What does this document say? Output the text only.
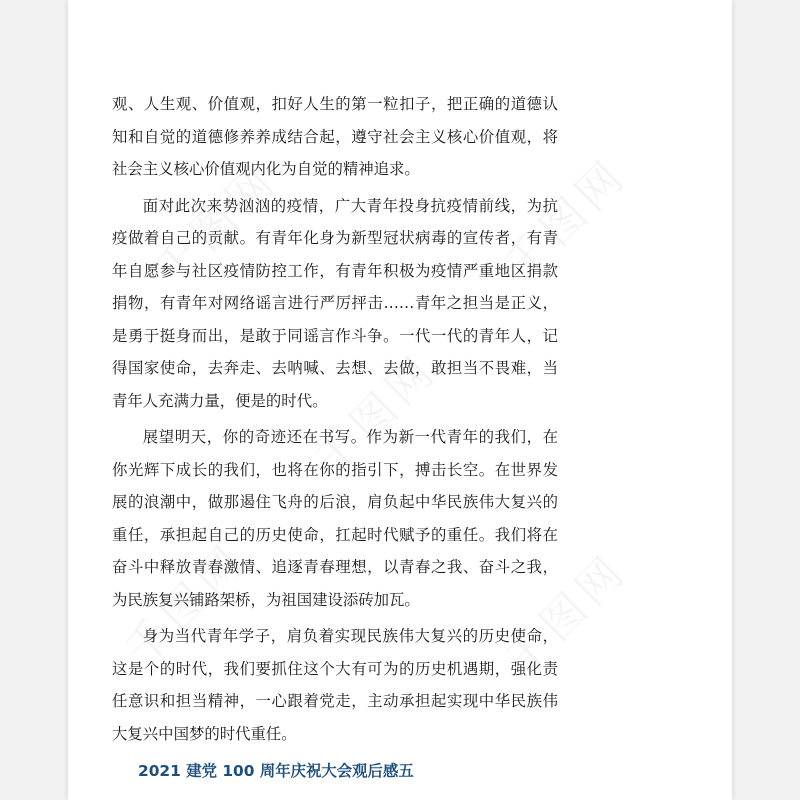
观、人生观、价值观，扣好人生的第一粒扣子，把正确的道德认知和自觉的道德修养养成结合起，遵守社会主义核心价值观，将社会主义核心价值观内化为自觉的精神追求。

面对此次来势汹汹的疫情，广大青年投身抗疫情前线，为抗疫做着自己的贡献。有青年化身为新型冠状病毒的宣传者，有青年自愿参与社区疫情防控工作，有青年积极为疫情严重地区捐款捐物，有青年对网络谣言进行严厉抨击……青年之担当是正义，是勇于挺身而出，是敢于同谣言作斗争。一代一代的青年人，记得国家使命，去奔走、去呐喊、去想、去做，敢担当不畏难，当青年人充满力量，便是的时代。

展望明天，你的奇迹还在书写。作为新一代青年的我们，在你光辉下成长的我们，也将在你的指引下，搏击长空。在世界发展的浪潮中，做那遏住飞舟的后浪，肩负起中华民族伟大复兴的重任，承担起自己的历史使命，扛起时代赋予的重任。我们将在奋斗中释放青春激情、追逐青春理想，以青春之我、奋斗之我，为民族复兴铺路架桥，为祖国建设添砖加瓦。

身为当代青年学子，肩负着实现民族伟大复兴的历史使命，这是个的时代，我们要抓住这个大有可为的历史机遇期，强化责任意识和担当精神，一心跟着党走，主动承担起实现中华民族伟大复兴中国梦的时代重任。

2021 建党 100 周年庆祝大会观后感五
